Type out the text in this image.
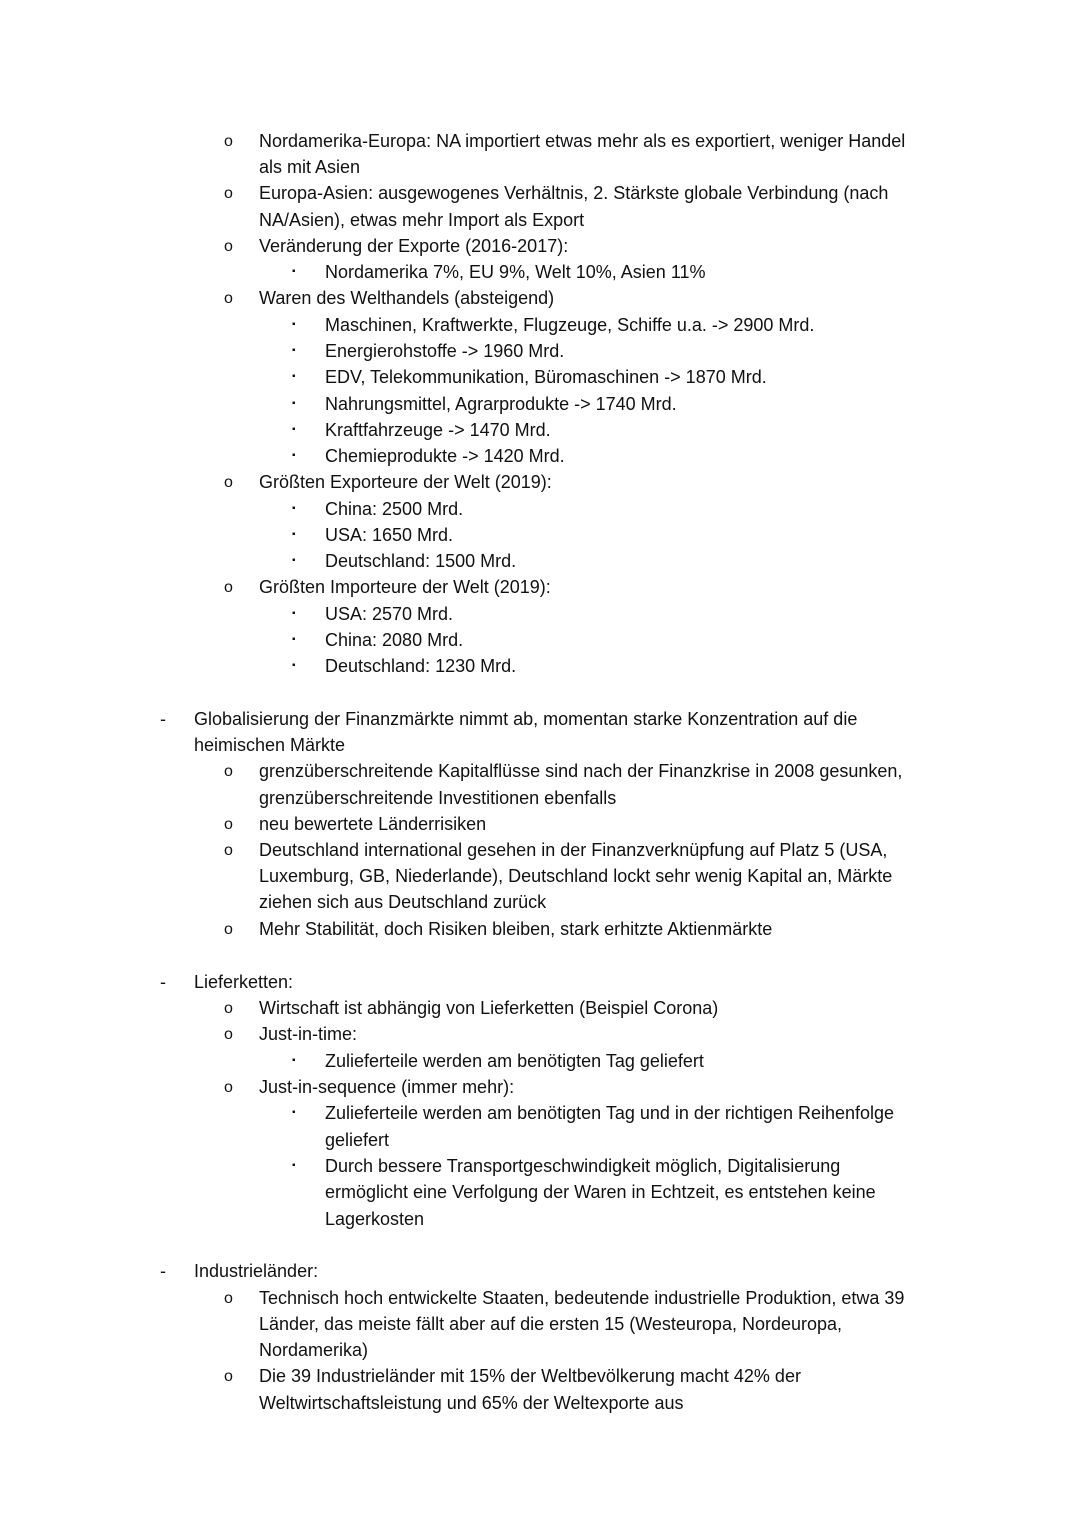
o Nordamerika-Europa: NA importiert etwas mehr als es exportiert, weniger Handel
als mit Asien
o Europa-Asien: ausgewogenes Verhältnis, 2. Stärkste globale Verbindung (nach
NA/Asien), etwas mehr Import als Export
o Veränderung der Exporte (2016-2017):
▪ Nordamerika 7%, EU 9%, Welt 10%, Asien 11%
o Waren des Welthandels (absteigend)
▪ Maschinen, Kraftwerkte, Flugzeuge, Schiffe u.a. -> 2900 Mrd.
▪ Energierohstoffe -> 1960 Mrd.
▪ EDV, Telekommunikation, Büromaschinen -> 1870 Mrd.
▪ Nahrungsmittel, Agrarprodukte -> 1740 Mrd.
▪ Kraftfahrzeuge -> 1470 Mrd.
▪ Chemieprodukte -> 1420 Mrd.
o Größten Exporteure der Welt (2019):
▪ China: 2500 Mrd.
▪ USA: 1650 Mrd.
▪ Deutschland: 1500 Mrd.
o Größten Importeure der Welt (2019):
▪ USA: 2570 Mrd.
▪ China: 2080 Mrd.
▪ Deutschland: 1230 Mrd.
- Globalisierung der Finanzmärkte nimmt ab, momentan starke Konzentration auf die
heimischen Märkte
o grenzüberschreitende Kapitalflüsse sind nach der Finanzkrise in 2008 gesunken,
grenzüberschreitende Investitionen ebenfalls
o neu bewertete Länderrisiken
o Deutschland international gesehen in der Finanzverknüpfung auf Platz 5 (USA,
Luxemburg, GB, Niederlande), Deutschland lockt sehr wenig Kapital an, Märkte
ziehen sich aus Deutschland zurück
o Mehr Stabilität, doch Risiken bleiben, stark erhitzte Aktienmärkte
- Lieferketten:
o Wirtschaft ist abhängig von Lieferketten (Beispiel Corona)
o Just-in-time:
▪ Zulieferteile werden am benötigten Tag geliefert
o Just-in-sequence (immer mehr):
▪ Zulieferteile werden am benötigten Tag und in der richtigen Reihenfolge
geliefert
▪ Durch bessere Transportgeschwindigkeit möglich, Digitalisierung
ermöglicht eine Verfolgung der Waren in Echtzeit, es entstehen keine
Lagerkosten
- Industrieländer:
o Technisch hoch entwickelte Staaten, bedeutende industrielle Produktion, etwa 39
Länder, das meiste fällt aber auf die ersten 15 (Westeuropa, Nordeuropa,
Nordamerika)
o Die 39 Industrieländer mit 15% der Weltbevölkerung macht 42% der
Weltwirtschaftsleistung und 65% der Weltexporte aus
